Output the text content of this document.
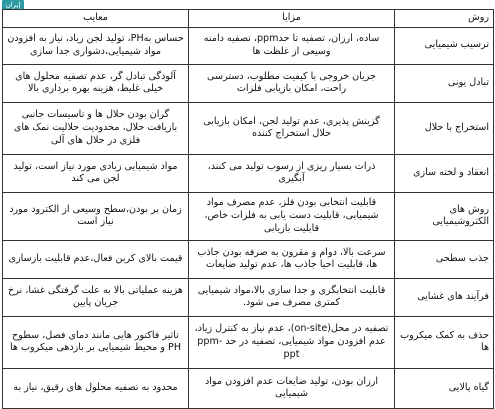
إيران
روش	مزایا	معایب
ترسیب شیمیایی	ساده، ارزان، تصفیه تا حدppm، تصفیه دامنه وسیعی از غلظت ها	حساس بهPH، تولید لجن زیاد، نیاز به افزودن مواد شیمیایی،دشواری جدا سازی
تبادل یونی	جریان خروجی با کیفیت مطلوب، دسترسی راحت، امکان بازیابی فلزات	آلودگی تبادل گر، عدم تصفیه محلول های خیلی غلیظ، هزینه بهره برداری بالا
استخراج با حلال	گزینش پذیری، عدم تولید لجن، امکان بازیابی حلال استخراج کننده	گران بودن حلال ها و تاسیسات جانبی بازیافت حلال، محدودیت حلالیت نمک های فلزی در حلال های آلی
انعقاد و لخته سازی	ذرات بسیار ریزی از رسوب تولید می کنند، آبگیری	مواد شیمیایی زیادی مورد نیاز است، تولید لجن می کند
روش های الکتروشیمیایی	قابلیت انتخابی بودن فلز، عدم مصرف مواد شیمیایی، قابلیت دست یابی به فلزات خاص، قابلیت بازیابی	زمان بر بودن،سطح وسیعی از الکترود مورد نیاز است
جذب سطحی	سرعت بالا، دوام و مقرون به صرفه بودن جاذب ها، قابلیت احیا جاذب ها، عدم تولید ضایعات	قیمت بالای کربن فعال،عدم قابلیت بازسازی
فرآیند های غشایی	قابلیت انتخابگری و جدا سازی بالا،مواد شیمیایی کمتری مصرف می شود.	هزینه عملیاتی بالا به علت گرفتگی غشا، نرخ جریان پایین
حذف به کمک میکروب ها	تصفیه در محل(on-site)، عدم نیاز به کنترل زیاد، عدم افزودن مواد شیمیایی، تصفیه در حد ppm-ppt	تاثیر فاکتور هایی مانند دمای فصل، سطوح PH و محیط شیمیایی بر بازدهی میکروب ها
گیاه پالایی	ارزان بودن، تولید ضایعات عدم افزودن مواد شیمیایی	محدود به تصفیه محلول های رقیق، نیاز به
